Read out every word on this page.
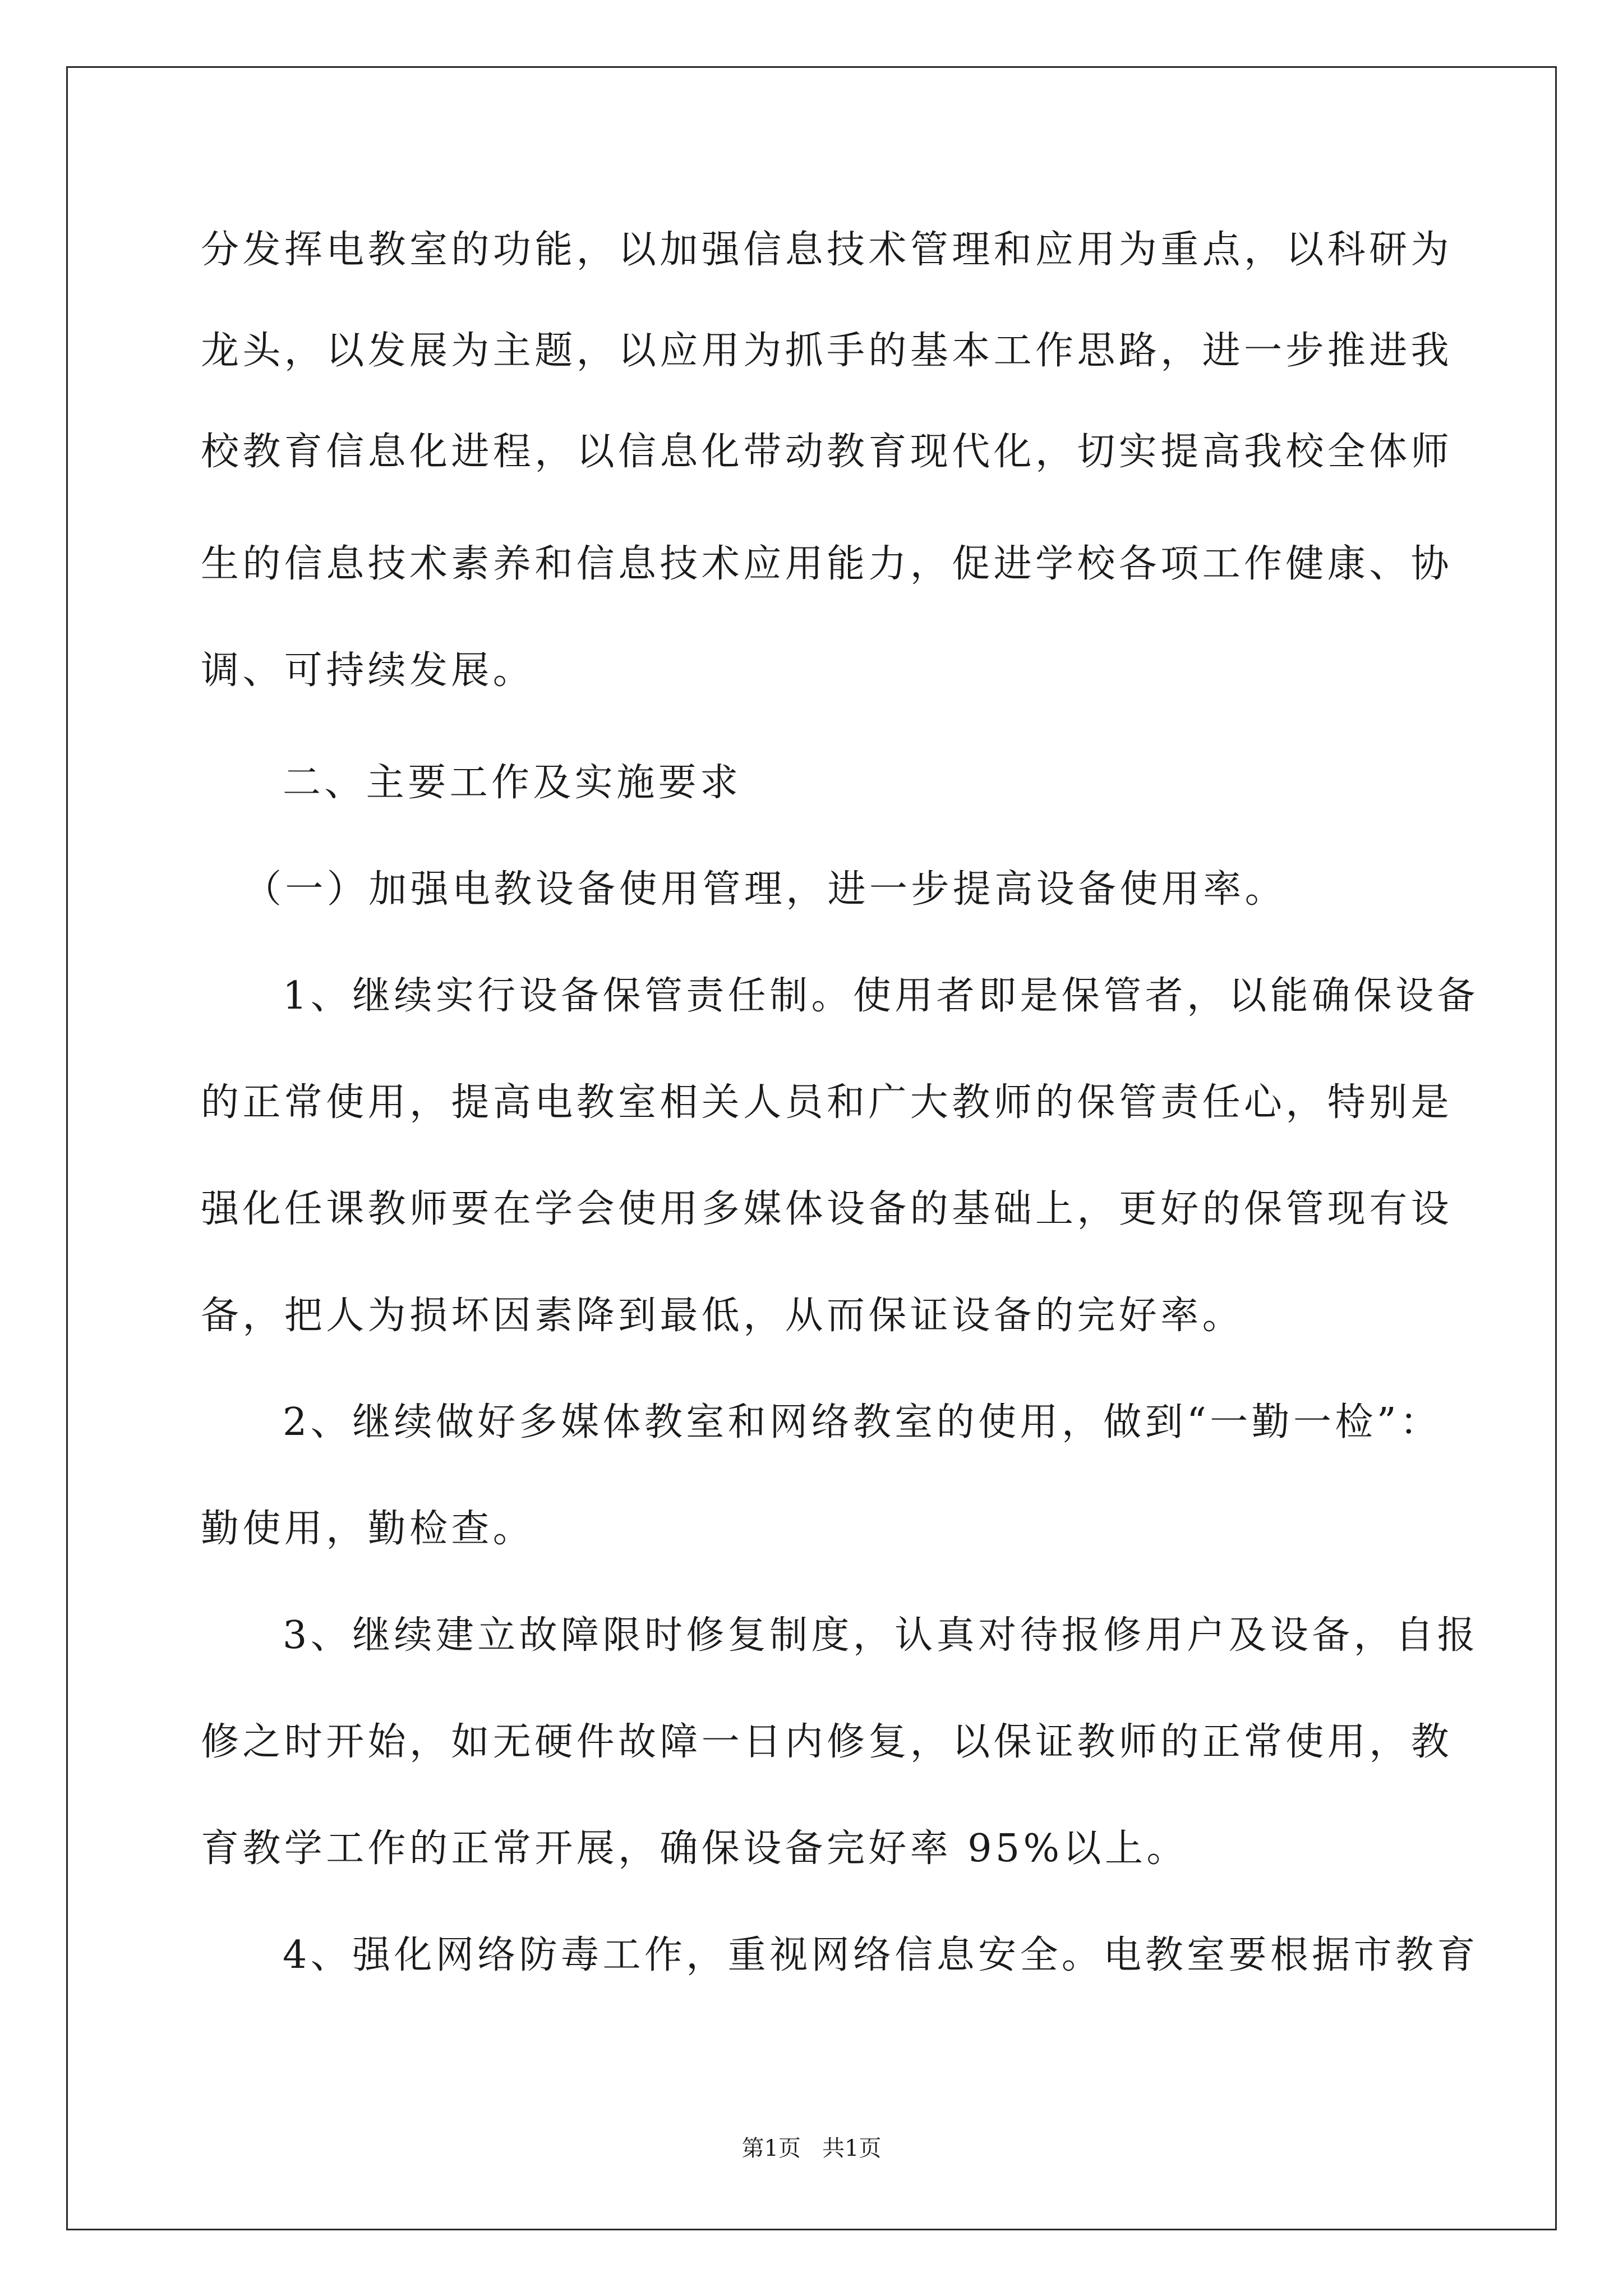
分发挥电教室的功能，以加强信息技术管理和应用为重点，以科研为
龙头，以发展为主题，以应用为抓手的基本工作思路，进一步推进我
校教育信息化进程，以信息化带动教育现代化，切实提高我校全体师
生的信息技术素养和信息技术应用能力，促进学校各项工作健康、协
调、可持续发展。
二、主要工作及实施要求
（一）加强电教设备使用管理，进一步提高设备使用率。
1、继续实行设备保管责任制。使用者即是保管者，以能确保设备
的正常使用，提高电教室相关人员和广大教师的保管责任心，特别是
强化任课教师要在学会使用多媒体设备的基础上，更好的保管现有设
备，把人为损坏因素降到最低，从而保证设备的完好率。
2、继续做好多媒体教室和网络教室的使用，做到“一勤一检”：
勤使用，勤检查。
3、继续建立故障限时修复制度，认真对待报修用户及设备，自报
修之时开始，如无硬件故障一日内修复，以保证教师的正常使用，教
育教学工作的正常开展，确保设备完好率 95%以上。
4、强化网络防毒工作，重视网络信息安全。电教室要根据市教育
第1页   共1页
